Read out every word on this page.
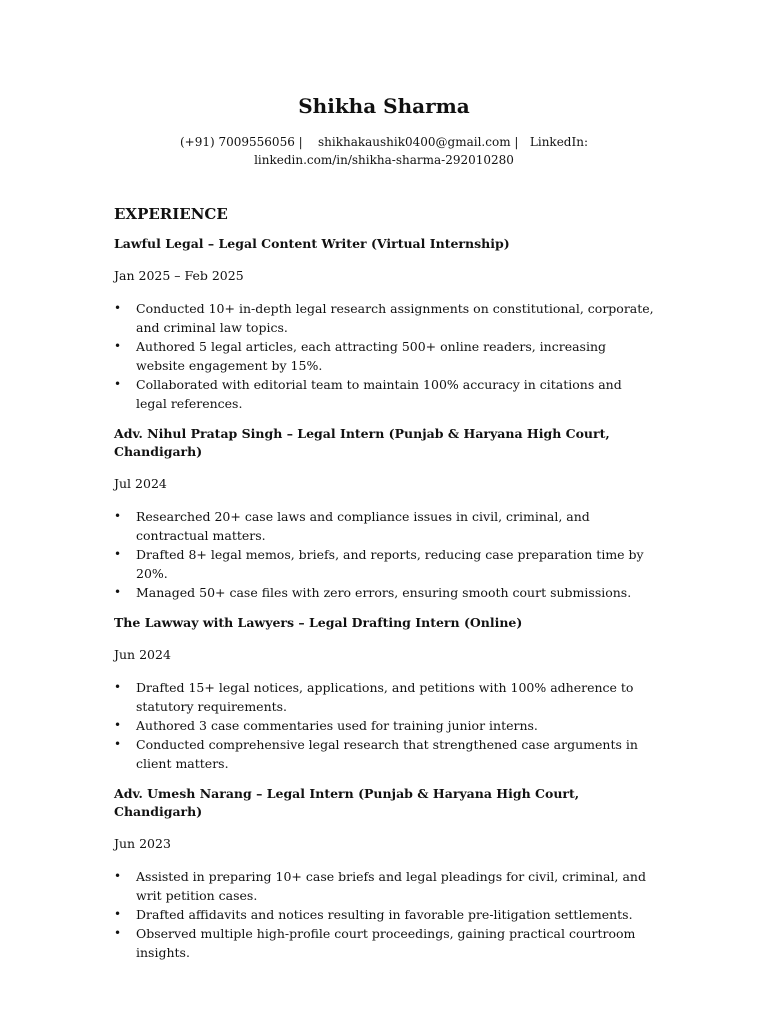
Shikha Sharma
(+91) 7009556056 | shikhakaushik0400@gmail.com | LinkedIn: linkedin.com/in/shikha-sharma-292010280
EXPERIENCE
Lawful Legal – Legal Content Writer (Virtual Internship)
Jan 2025 – Feb 2025
• Conducted 10+ in-depth legal research assignments on constitutional, corporate, and criminal law topics.
• Authored 5 legal articles, each attracting 500+ online readers, increasing website engagement by 15%.
• Collaborated with editorial team to maintain 100% accuracy in citations and legal references.
Adv. Nihul Pratap Singh – Legal Intern (Punjab & Haryana High Court, Chandigarh)
Jul 2024
• Researched 20+ case laws and compliance issues in civil, criminal, and contractual matters.
• Drafted 8+ legal memos, briefs, and reports, reducing case preparation time by 20%.
• Managed 50+ case files with zero errors, ensuring smooth court submissions.
The Lawway with Lawyers – Legal Drafting Intern (Online)
Jun 2024
• Drafted 15+ legal notices, applications, and petitions with 100% adherence to statutory requirements.
• Authored 3 case commentaries used for training junior interns.
• Conducted comprehensive legal research that strengthened case arguments in client matters.
Adv. Umesh Narang – Legal Intern (Punjab & Haryana High Court, Chandigarh)
Jun 2023
• Assisted in preparing 10+ case briefs and legal pleadings for civil, criminal, and writ petition cases.
• Drafted affidavits and notices resulting in favorable pre-litigation settlements.
• Observed multiple high-profile court proceedings, gaining practical courtroom insights.
